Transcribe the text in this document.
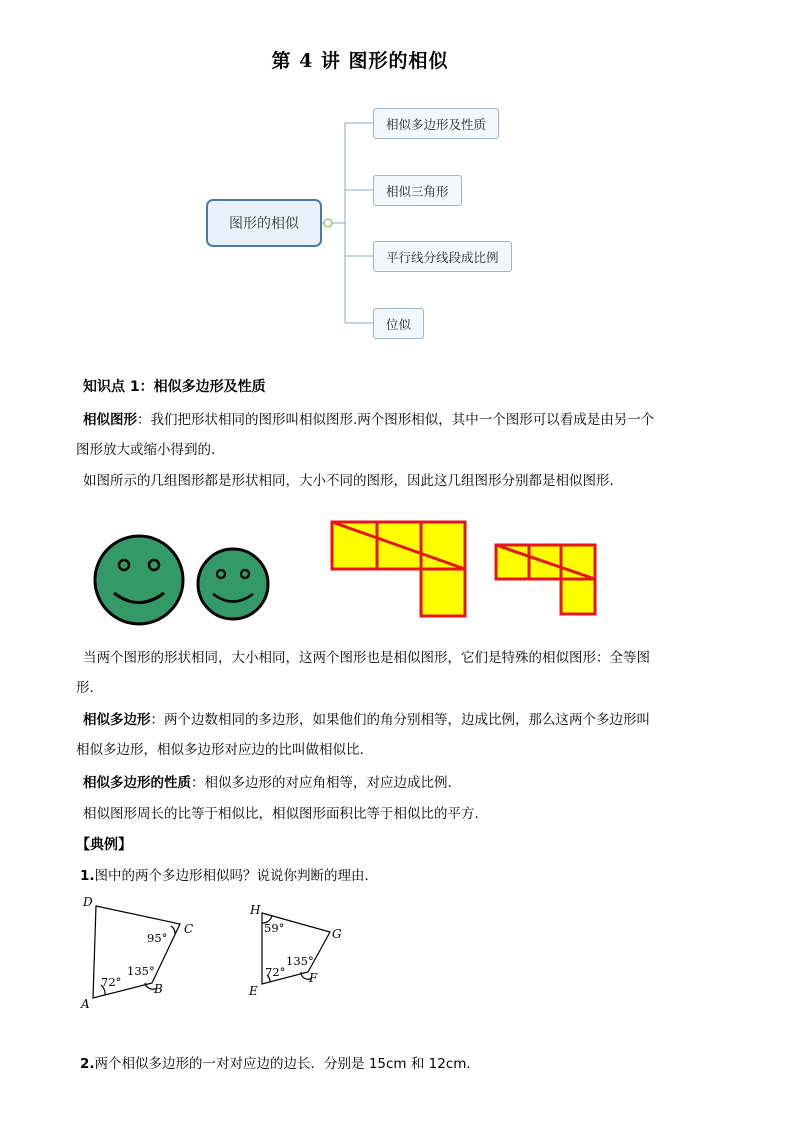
第 4 讲 图形的相似
图形的相似
相似多边形及性质
相似三角形
平行线分线段成比例
位似
知识点 1：相似多边形及性质
相似图形：我们把形状相同的图形叫相似图形.两个图形相似，其中一个图形可以看成是由另一个
图形放大或缩小得到的.
如图所示的几组图形都是形状相同，大小不同的图形，因此这几组图形分别都是相似图形.
当两个图形的形状相同，大小相同，这两个图形也是相似图形，它们是特殊的相似图形：全等图
形.
相似多边形：两个边数相同的多边形，如果他们的角分别相等，边成比例，那么这两个多边形叫
相似多边形，相似多边形对应边的比叫做相似比.
相似多边形的性质：相似多边形的对应角相等，对应边成比例.
相似图形周长的比等于相似比，相似图形面积比等于相似比的平方.
【典例】
1.图中的两个多边形相似吗？说说你判断的理由．
D
C
B
A
95°
135°
72°
H
G
F
E
59°
135°
72°
2.两个相似多边形的一对对应边的边长．分别是 15cm 和 12cm．
